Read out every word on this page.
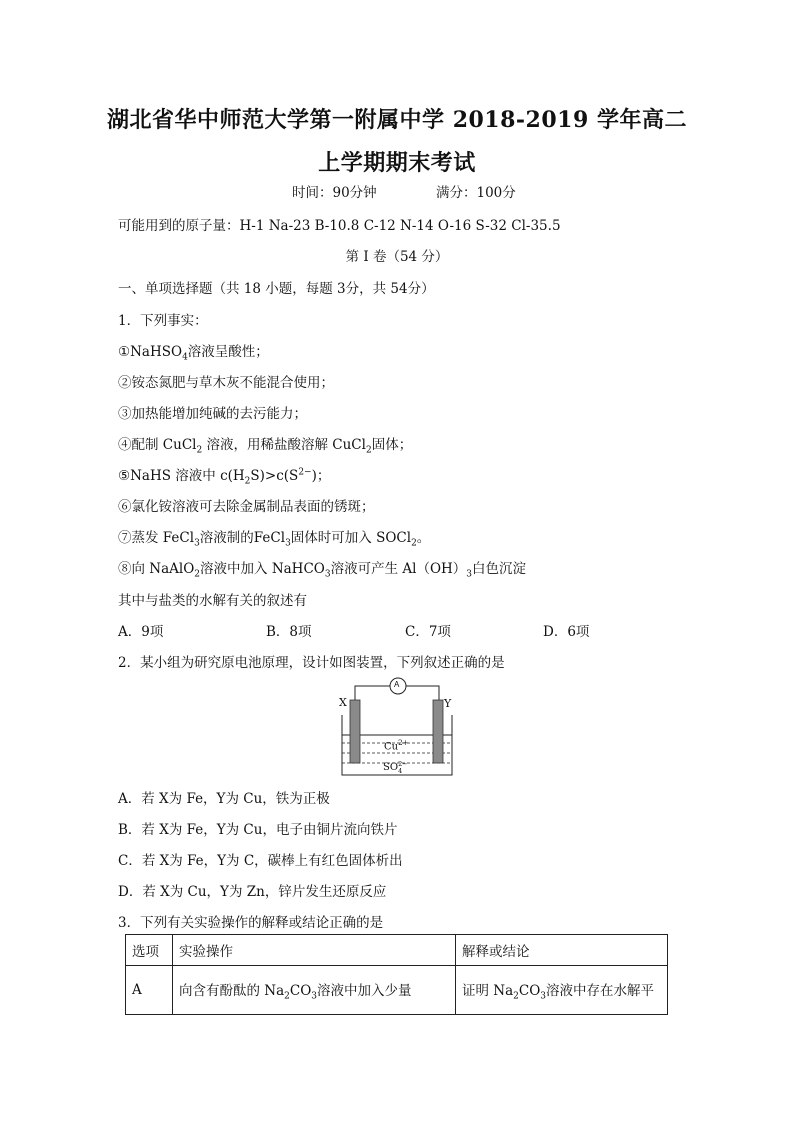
湖北省华中师范大学第一附属中学 2018-2019 学年高二
上学期期末考试
时间：90分钟	满分：100分
可能用到的原子量：H-1 Na-23 B-10.8 C-12 N-14 O-16 S-32 Cl-35.5
第 I 卷（54 分）
一、单项选择题（共 18 小题，每题 3分，共 54分）
1．下列事实：
①NaHSO$_4$溶液呈酸性；
②铵态氮肥与草木灰不能混合使用；
③加热能增加纯碱的去污能力；
④配制 CuCl$_2$ 溶液，用稀盐酸溶解 CuCl$_2$固体；
⑤NaHS 溶液中 $c(H_2S)>c(S^{2-})$；
⑥氯化铵溶液可去除金属制品表面的锈斑；
⑦蒸发 FeCl$_3$溶液制的FeCl$_3$固体时可加入 SOCl$_2$。
⑧向 NaAlO$_2$溶液中加入 NaHCO$_3$溶液可产生 $Al(OH)_3$白色沉淀
其中与盐类的水解有关的叙述有
A．9项	B．8项	C．7项	D．6项
2．某小组为研究原电池原理，设计如图装置，下列叙述正确的是
X	Y
A
$Cu^{2+}$
SO 2−
4
A．若 X为 Fe，Y为 Cu，铁为正极
B．若 X为 Fe，Y为 Cu，电子由铜片流向铁片
C．若 X为 Fe，Y为 C，碳棒上有红色固体析出
D．若 X为 Cu，Y为 Zn，锌片发生还原反应
3．下列有关实验操作的解释或结论正确的是
选项	实验操作	解释或结论
A	向含有酚酞的 $Na_2CO_3$溶液中加入少量	证明 $Na_2CO_3$溶液中存在水解平
